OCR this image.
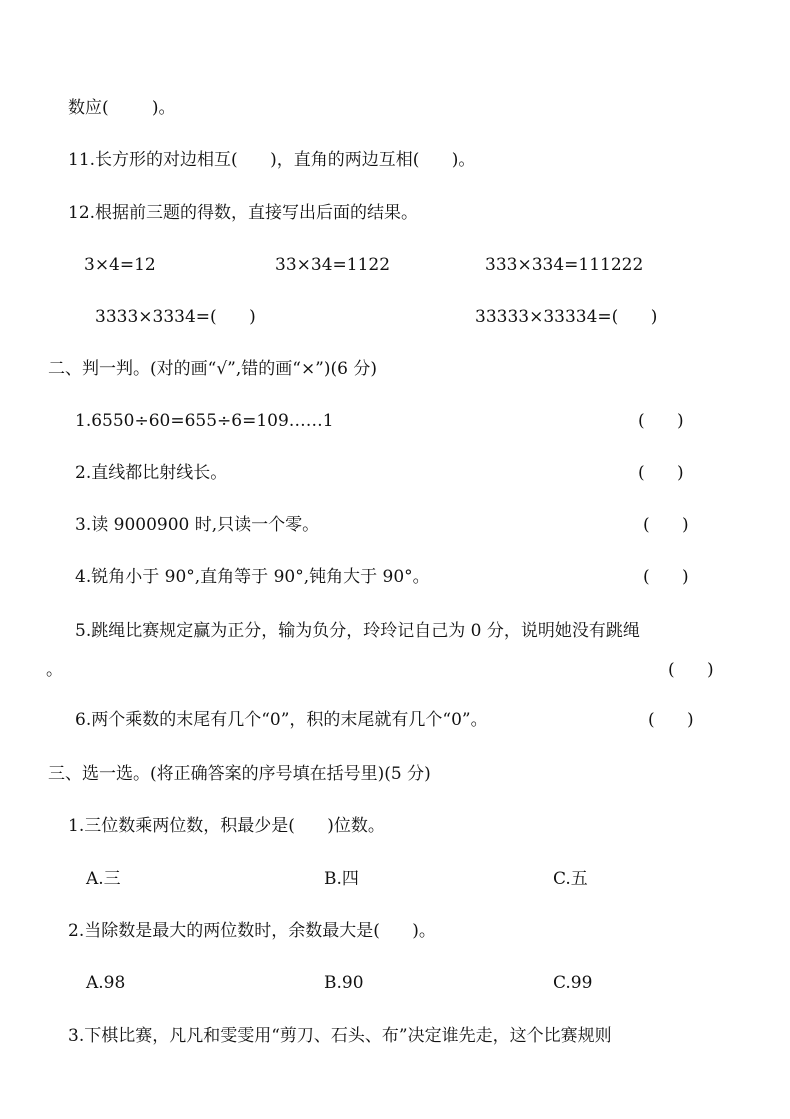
数应(        )。
11.长方形的对边相互(      )，直角的两边互相(      )。
12.根据前三题的得数，直接写出后面的结果。
3×4=12	33×34=1122	333×334=111222
3333×3334=(      )	33333×33334=(      )
二、判一判。(对的画“√”,错的画“×”)(6 分)
1.6550÷60=655÷6=109……1	(      )
2.直线都比射线长。	(      )
3.读 9000900 时,只读一个零。	(      )
4.锐角小于 90°,直角等于 90°,钝角大于 90°。	(      )
5.跳绳比赛规定赢为正分，输为负分，玲玲记自己为 0 分，说明她没有跳绳
。	(      )
6.两个乘数的末尾有几个“0”，积的末尾就有几个“0”。	(      )
三、选一选。(将正确答案的序号填在括号里)(5 分)
1.三位数乘两位数，积最少是(      )位数。
A.三	B.四	C.五
2.当除数是最大的两位数时，余数最大是(      )。
A.98	B.90	C.99
3.下棋比赛，凡凡和雯雯用“剪刀、石头、布”决定谁先走，这个比赛规则
